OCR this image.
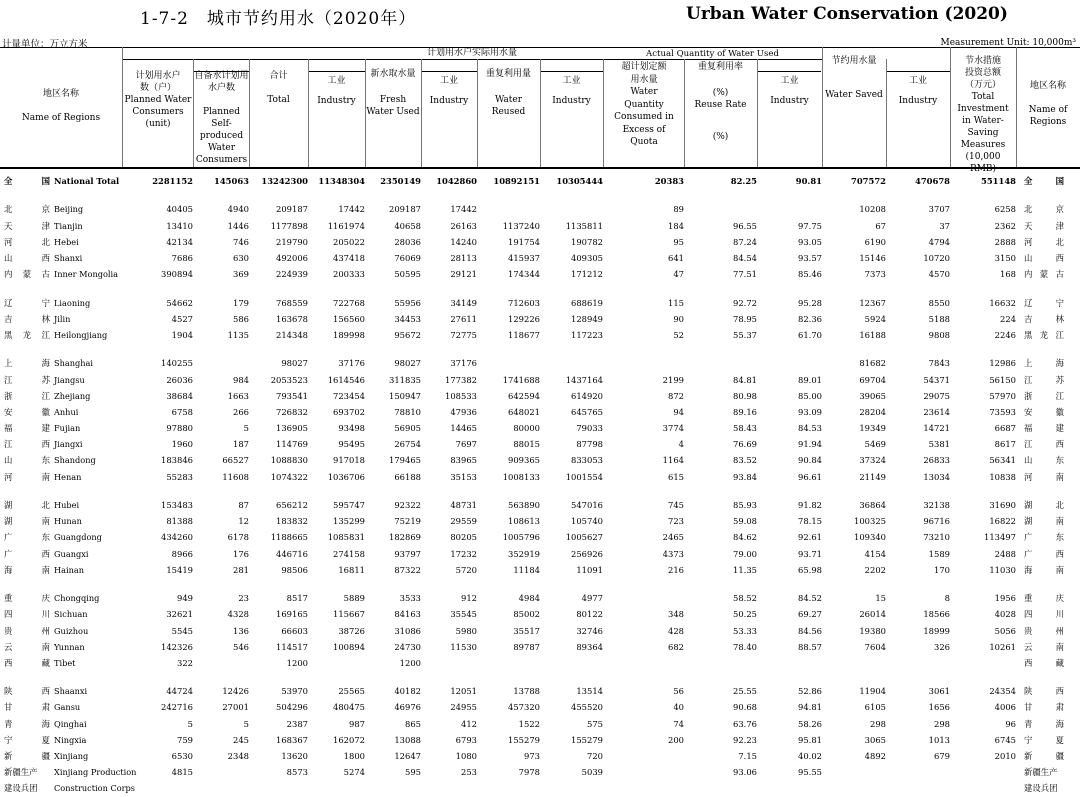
1-7-2　城市节约用水（2020年）	Urban Water Conservation (2020)
计量单位：万立方米	Measurement Unit: 10,000m³
地区名称
Name of Regions
计划用水户实际用水量	Actual Quantity of Water Used
计划用水户数（户）
Planned Water Consumers (unit)
自备水计划用水户数
Planned Self-produced Water Consumers
合计
Total
工业
Industry
新水取水量
Fresh Water Used
工业
Industry
重复利用量
Water Reused
工业
Industry
超计划定额用水量
Water Quantity Consumed in Excess of Quota
重复利用率
(%)
Reuse Rate
(%)
工业
Industry
节约用水量
Water Saved
工业
Industry
节水措施投资总额（万元）
Total Investment in Water-Saving Measures (10,000 RMB)
地区名称
Name of Regions
全国 National Total	2281152	145063	13242300	11348304	2350149	1042860	10892151	10305444	20383	82.25	90.81	707572	470678	551148	全国

北京 Beijing	40405	4940	209187	17442	209187	17442			89			10208	3707	6258	北京
天津 Tianjin	13410	1446	1177898	1161974	40658	26163	1137240	1135811	184	96.55	97.75	67	37	2362	天津
河北 Hebei	42134	746	219790	205022	28036	14240	191754	190782	95	87.24	93.05	6190	4794	2888	河北
山西 Shanxi	7686	630	492006	437418	76069	28113	415937	409305	641	84.54	93.57	15146	10720	3150	山西
内蒙古 Inner Mongolia	390894	369	224939	200333	50595	29121	174344	171212	47	77.51	85.46	7373	4570	168	内蒙古

辽宁 Liaoning	54662	179	768559	722768	55956	34149	712603	688619	115	92.72	95.28	12367	8550	16632	辽宁
吉林 Jilin	4527	586	163678	156560	34453	27611	129226	128949	90	78.95	82.36	5924	5188	224	吉林
黑龙江 Heilongjiang	1904	1135	214348	189998	95672	72775	118677	117223	52	55.37	61.70	16188	9808	2246	黑龙江

上海 Shanghai	140255		98027	37176	98027	37176						81682	7843	12986	上海
江苏 Jiangsu	26036	984	2053523	1614546	311835	177382	1741688	1437164	2199	84.81	89.01	69704	54371	56150	江苏
浙江 Zhejiang	38684	1663	793541	723454	150947	108533	642594	614920	872	80.98	85.00	39065	29075	57970	浙江
安徽 Anhui	6758	266	726832	693702	78810	47936	648021	645765	94	89.16	93.09	28204	23614	73593	安徽
福建 Fujian	97880	5	136905	93498	56905	14465	80000	79033	3774	58.43	84.53	19349	14721	6687	福建
江西 Jiangxi	1960	187	114769	95495	26754	7697	88015	87798	4	76.69	91.94	5469	5381	8617	江西
山东 Shandong	183846	66527	1088830	917018	179465	83965	909365	833053	1164	83.52	90.84	37324	26833	56341	山东
河南 Henan	55283	11608	1074322	1036706	66188	35153	1008133	1001554	615	93.84	96.61	21149	13034	10838	河南

湖北 Hubei	153483	87	656212	595747	92322	48731	563890	547016	745	85.93	91.82	36864	32138	31690	湖北
湖南 Hunan	81388	12	183832	135299	75219	29559	108613	105740	723	59.08	78.15	100325	96716	16822	湖南
广东 Guangdong	434260	6178	1188665	1085831	182869	80205	1005796	1005627	2465	84.62	92.61	109340	73210	113497	广东
广西 Guangxi	8966	176	446716	274158	93797	17232	352919	256926	4373	79.00	93.71	4154	1589	2488	广西
海南 Hainan	15419	281	98506	16811	87322	5720	11184	11091	216	11.35	65.98	2202	170	11030	海南

重庆 Chongqing	949	23	8517	5889	3533	912	4984	4977		58.52	84.52	15	8	1956	重庆
四川 Sichuan	32621	4328	169165	115667	84163	35545	85002	80122	348	50.25	69.27	26014	18566	4028	四川
贵州 Guizhou	5545	136	66603	38726	31086	5980	35517	32746	428	53.33	84.56	19380	18999	5056	贵州
云南 Yunnan	142326	546	114517	100894	24730	11530	89787	89364	682	78.40	88.57	7604	326	10261	云南
西藏 Tibet	322		1200		1200										西藏

陕西 Shaanxi	44724	12426	53970	25565	40182	12051	13788	13514	56	25.55	52.86	11904	3061	24354	陕西
甘肃 Gansu	242716	27001	504296	480475	46976	24955	457320	455520	40	90.68	94.81	6105	1656	4006	甘肃
青海 Qinghai	5	5	2387	987	865	412	1522	575	74	63.76	58.26	298	298	96	青海
宁夏 Ningxia	759	245	168367	162072	13088	6793	155279	155279	200	92.23	95.81	3065	1013	6745	宁夏
新疆 Xinjiang	6530	2348	13620	1800	12647	1080	973	720		7.15	40.02	4892	679	2010	新疆
新疆生产 Xinjiang Production	4815		8573	5274	595	253	7978	5039		93.06	95.55				新疆生产
建设兵团 Construction Corps															建设兵团
